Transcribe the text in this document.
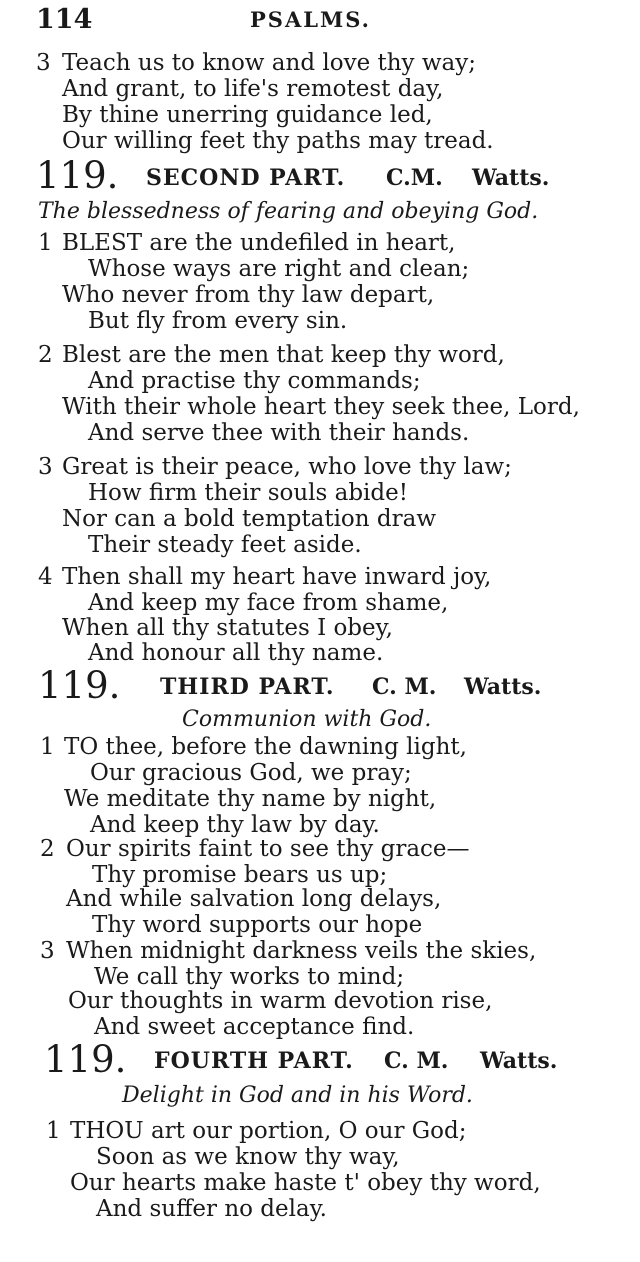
114	PSALMS.
3 Teach us to know and love thy way;
And grant, to life's remotest day,
By thine unerring guidance led,
Our willing feet thy paths may tread.
119. SECOND PART. C.M. Watts.
The blessedness of fearing and obeying God.
1 BLEST are the undefiled in heart,
Whose ways are right and clean;
Who never from thy law depart,
But fly from every sin.
2 Blest are the men that keep thy word,
And practise thy commands;
With their whole heart they seek thee, Lord,
And serve thee with their hands.
3 Great is their peace, who love thy law;
How firm their souls abide!
Nor can a bold temptation draw
Their steady feet aside.
4 Then shall my heart have inward joy,
And keep my face from shame,
When all thy statutes I obey,
And honour all thy name.
119. THIRD PART. C. M. Watts.
Communion with God.
1 TO thee, before the dawning light,
Our gracious God, we pray;
We meditate thy name by night,
And keep thy law by day.
2 Our spirits faint to see thy grace—
Thy promise bears us up;
And while salvation long delays,
Thy word supports our hope
3 When midnight darkness veils the skies,
We call thy works to mind;
Our thoughts in warm devotion rise,
And sweet acceptance find.
119. FOURTH PART. C. M. Watts.
Delight in God and in his Word.
1 THOU art our portion, O our God;
Soon as we know thy way,
Our hearts make haste t' obey thy word,
And suffer no delay.
